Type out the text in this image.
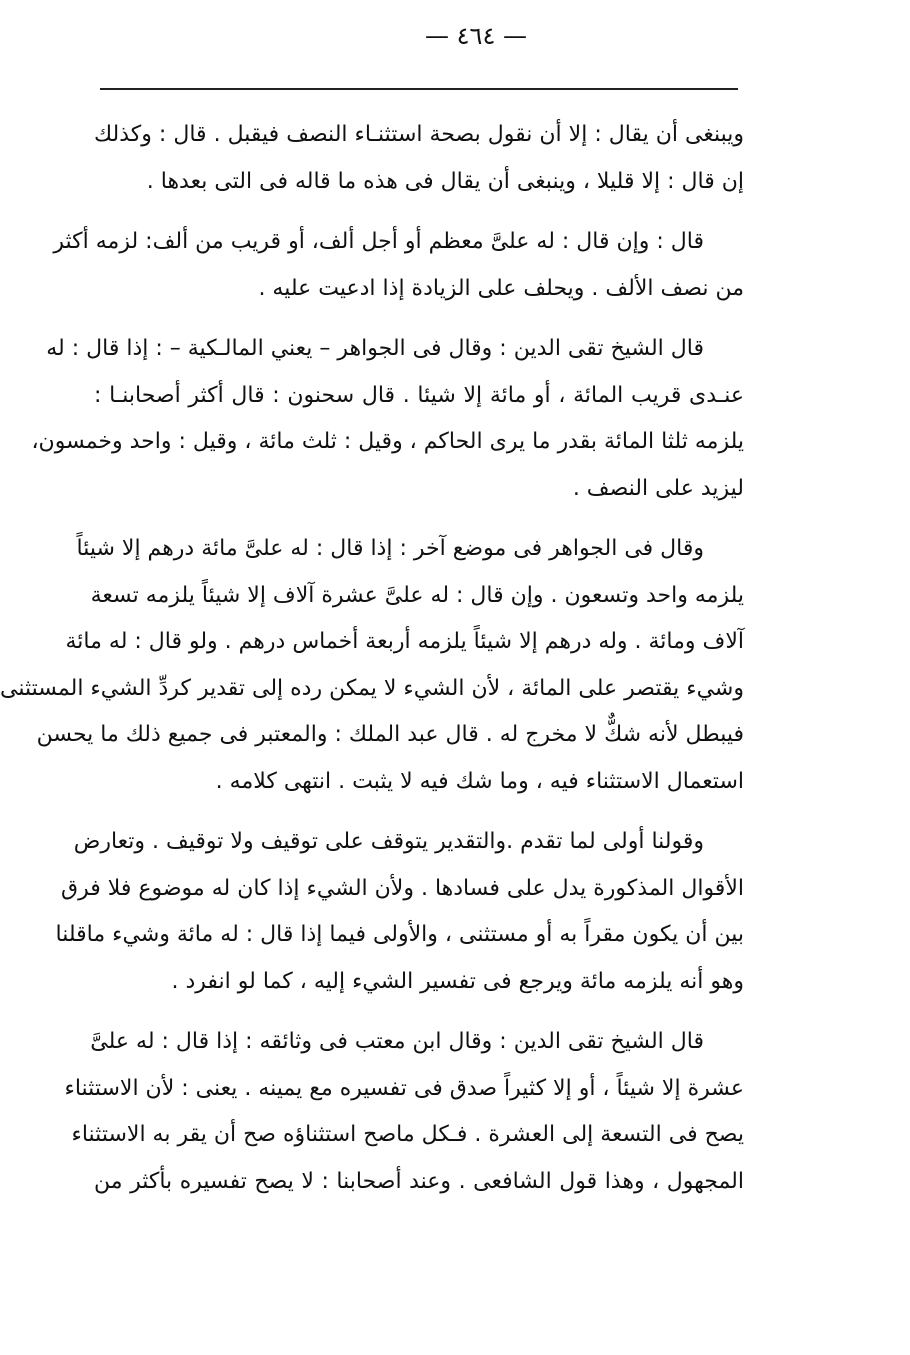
— ٤٦٤ —

ويبنغى أن يقال : إلا أن نقول بصحة استثنـاء النصف فيقبل . قال : وكذلك
إن قال : إلا قليلا ، وينبغى أن يقال فى هذه ما قاله فى التى بعدها .

قال : وإن قال : له علىَّ معظم أو أجل ألف، أو قريب من ألف: لزمه أكثر
من نصف الألف . ويحلف على الزيادة إذا ادعيت عليه .

قال الشيخ تقى الدين : وقال فى الجواهر – يعني المالـكية – : إذا قال : له
عنـدى قريب المائة ، أو مائة إلا شيئا . قال سحنون : قال أكثر أصحابنـا :
يلزمه ثلثا المائة بقدر ما يرى الحاكم ، وقيل : ثلث مائة ، وقيل : واحد وخمسون،
ليزيد على النصف .

وقال فى الجواهر فى موضع آخر : إذا قال : له علىَّ مائة درهم إلا شيئاً
يلزمه واحد وتسعون . وإن قال : له علىَّ عشرة آلاف إلا شيئاً يلزمه تسعة
آلاف ومائة . وله درهم إلا شيئاً يلزمه أربعة أخماس درهم . ولو قال : له مائة
وشيء يقتصر على المائة ، لأن الشيء لا يمكن رده إلى تقدير كردِّ الشيء المستثنى
فيبطل لأنه شكٌّ لا مخرج له . قال عبد الملك : والمعتبر فى جميع ذلك ما يحسن
استعمال الاستثناء فيه ، وما شك فيه لا يثبت . انتهى كلامه .

وقولنا أولى لما تقدم .والتقدير يتوقف على توقيف ولا توقيف . وتعارض
الأقوال المذكورة يدل على فسادها . ولأن الشيء إذا كان له موضوع فلا فرق
بين أن يكون مقراً به أو مستثنى ، والأولى فيما إذا قال : له مائة وشيء ماقلنا
وهو أنه يلزمه مائة ويرجع فى تفسير الشيء إليه ، كما لو انفرد .

قال الشيخ تقى الدين : وقال ابن معتب فى وثائقه : إذا قال : له علىَّ
عشرة إلا شيئاً ، أو إلا كثيراً صدق فى تفسيره مع يمينه . يعنى : لأن الاستثناء
يصح فى التسعة إلى العشرة . فـكل ماصح استثناؤه صح أن يقر به الاستثناء
المجهول ، وهذا قول الشافعى . وعند أصحابنا : لا يصح تفسيره بأكثر من
